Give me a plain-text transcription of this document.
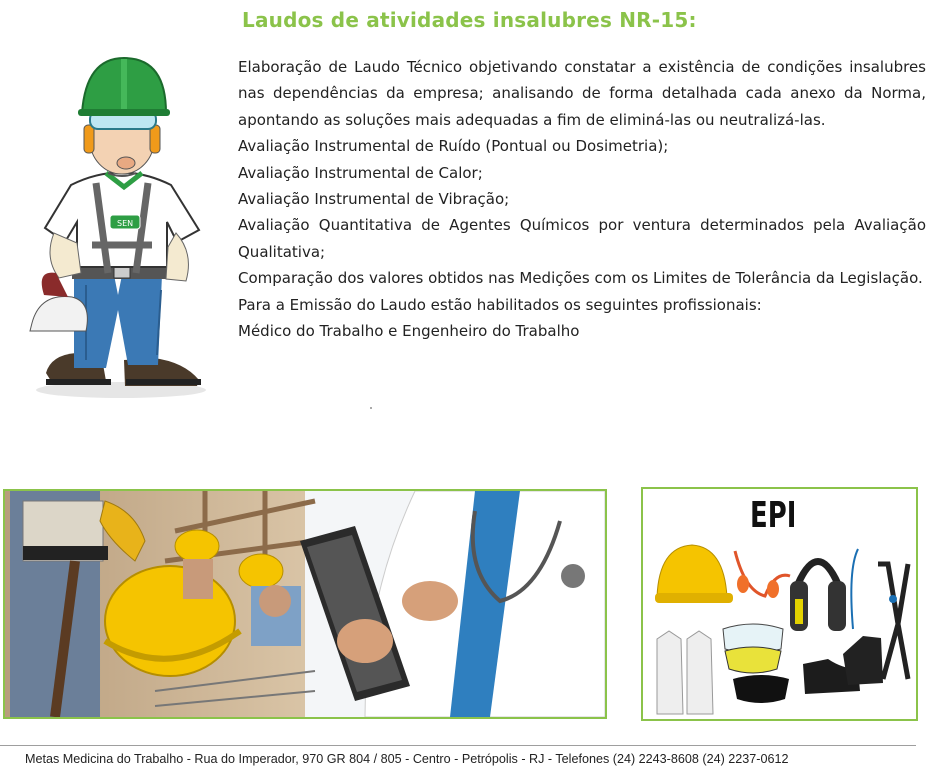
Laudos de atividades insalubres NR-15:
SEN

Elaboração de Laudo Técnico objetivando constatar a existência de condições insalubres nas dependências da empresa; analisando de forma detalhada cada anexo da Norma, apontando as soluções mais adequadas a fim de eliminá-las ou neutralizá-las.

Avaliação Instrumental de Ruído (Pontual ou Dosimetria);

Avaliação Instrumental de Calor;

Avaliação Instrumental de Vibração;

Avaliação Quantitativa de Agentes Químicos por ventura determinados pela Avaliação Qualitativa;

Comparação dos valores obtidos nas Medições com os Limites de Tolerância da Legislação.

Para a Emissão do Laudo estão habilitados os seguintes profissionais:

Médico do Trabalho e Engenheiro do Trabalho

EPI
Metas Medicina do Trabalho - Rua do Imperador, 970 GR 804 / 805 - Centro - Petrópolis - RJ - Telefones (24) 2243-8608 (24) 2237-0612
